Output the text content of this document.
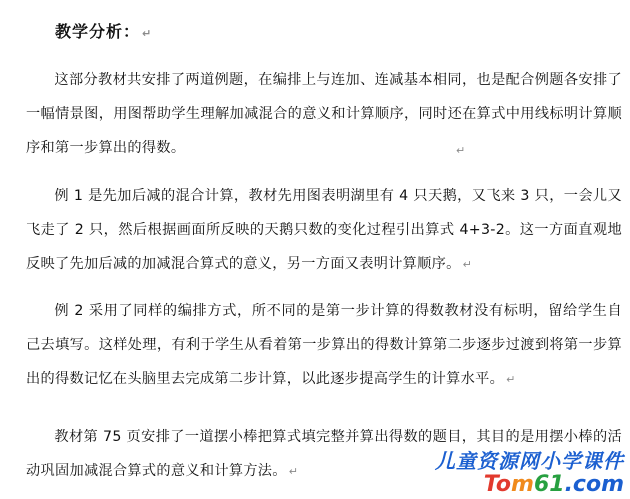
教学分析： ↵
这部分教材共安排了两道例题，在编排上与连加、连减基本相同，也是配合例题各安排了一幅情景图，用图帮助学生理解加减混合的意义和计算顺序，同时还在算式中用线标明计算顺序和第一步算出的得数。	↵
例 1 是先加后减的混合计算，教材先用图表明湖里有 4 只天鹅，又飞来 3 只，一会儿又飞走了 2 只，然后根据画面所反映的天鹅只数的变化过程引出算式 4+3-2。这一方面直观地反映了先加后减的加减混合算式的意义，另一方面又表明计算顺序。 ↵
例 2 采用了同样的编排方式，所不同的是第一步计算的得数教材没有标明，留给学生自己去填写。这样处理，有利于学生从看着第一步算出的得数计算第二步逐步过渡到将第一步算出的得数记忆在头脑里去完成第二步计算，以此逐步提高学生的计算水平。 ↵
教材第 75 页安排了一道摆小棒把算式填完整并算出得数的题目，其目的是用摆小棒的活动巩固加减混合算式的意义和计算方法。 ↵	儿童资源网小学课件
Tom61.com
